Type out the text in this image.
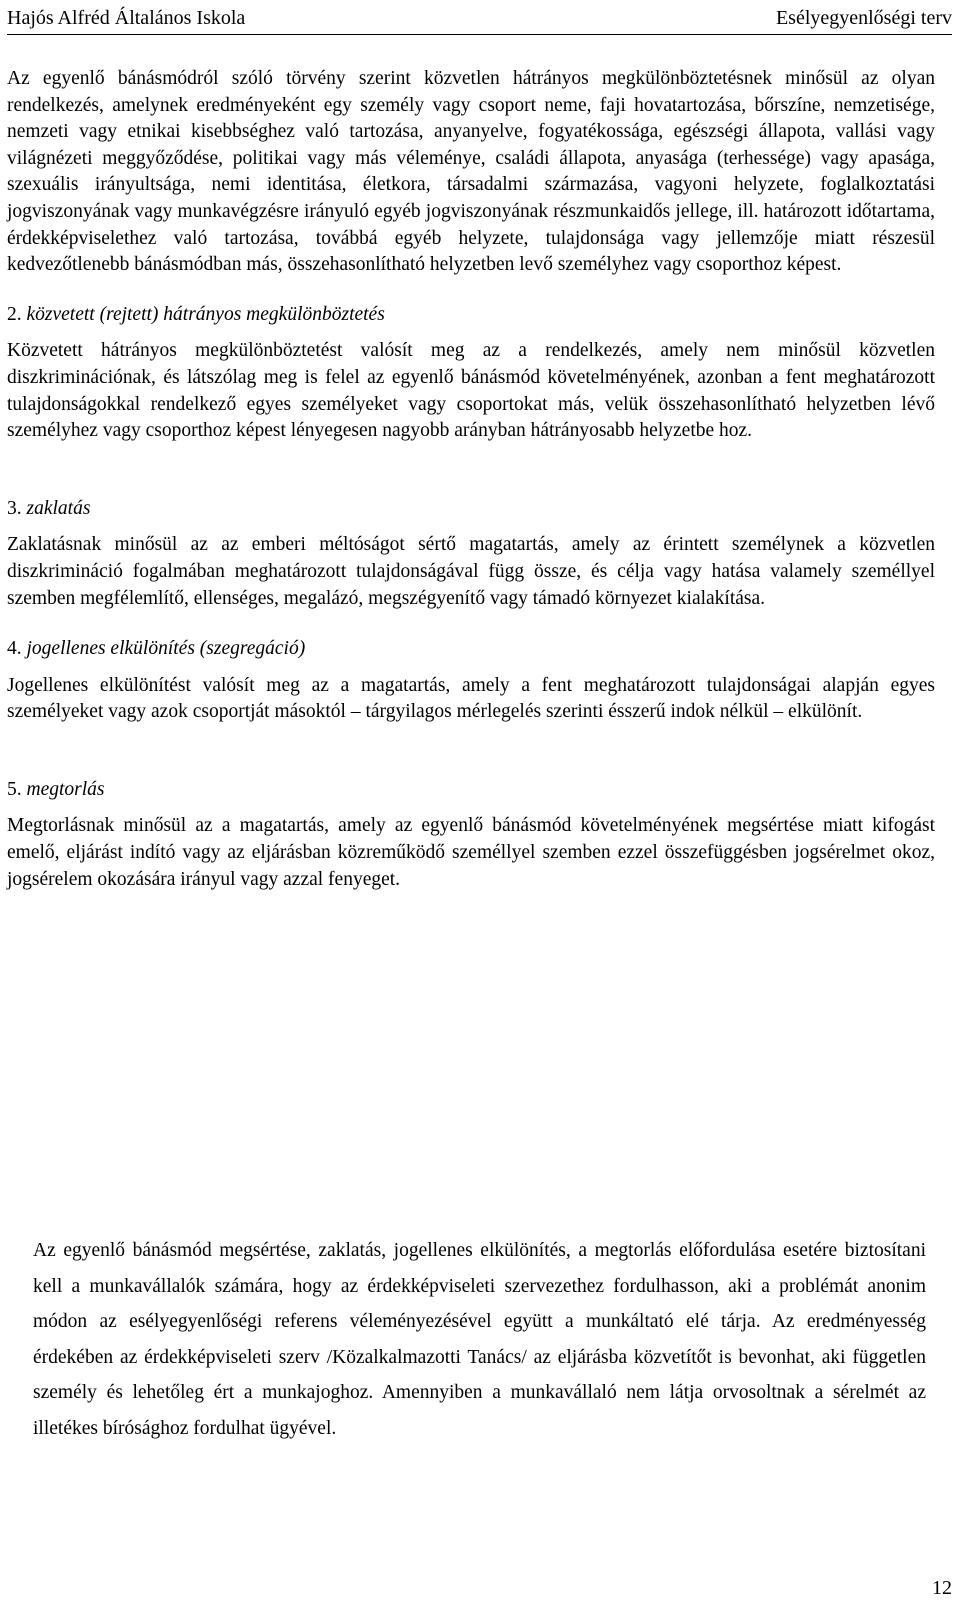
Hajós Alfréd Általános Iskola	Esélyegyenlőségi terv

Az egyenlő bánásmódról szóló törvény szerint közvetlen hátrányos megkülönböztetésnek minősül az olyan rendelkezés, amelynek eredményeként egy személy vagy csoport neme, faji hovatartozása, bőrszíne, nemzetisége, nemzeti vagy etnikai kisebbséghez való tartozása, anyanyelve, fogyatékossága, egészségi állapota, vallási vagy világnézeti meggyőződése, politikai vagy más véleménye, családi állapota, anyasága (terhessége) vagy apasága, szexuális irányultsága, nemi identitása, életkora, társadalmi származása, vagyoni helyzete, foglalkoztatási jogviszonyának vagy munkavégzésre irányuló egyéb jogviszonyának részmunkaidős jellege, ill. határozott időtartama, érdekképviselethez való tartozása, továbbá egyéb helyzete, tulajdonsága vagy jellemzője miatt részesül kedvezőtlenebb bánásmódban más, összehasonlítható helyzetben levő személyhez vagy csoporthoz képest.

2. közvetett (rejtett) hátrányos megkülönböztetés

Közvetett hátrányos megkülönböztetést valósít meg az a rendelkezés, amely nem minősül közvetlen diszkriminációnak, és látszólag meg is felel az egyenlő bánásmód követelményének, azonban a fent meghatározott tulajdonságokkal rendelkező egyes személyeket vagy csoportokat más, velük összehasonlítható helyzetben lévő személyhez vagy csoporthoz képest lényegesen nagyobb arányban hátrányosabb helyzetbe hoz.

3. zaklatás

Zaklatásnak minősül az az emberi méltóságot sértő magatartás, amely az érintett személynek a közvetlen diszkrimináció fogalmában meghatározott tulajdonságával függ össze, és célja vagy hatása valamely személlyel szemben megfélemlítő, ellenséges, megalázó, megszégyenítő vagy támadó környezet kialakítása.

4. jogellenes elkülönítés (szegregáció)

Jogellenes elkülönítést valósít meg az a magatartás, amely a fent meghatározott tulajdonságai alapján egyes személyeket vagy azok csoportját másoktól – tárgyilagos mérlegelés szerinti ésszerű indok nélkül – elkülönít.

5. megtorlás

Megtorlásnak minősül az a magatartás, amely az egyenlő bánásmód követelményének megsértése miatt kifogást emelő, eljárást indító vagy az eljárásban közreműködő személlyel szemben ezzel összefüggésben jogsérelmet okoz, jogsérelem okozására irányul vagy azzal fenyeget.

Az egyenlő bánásmód megsértése, zaklatás, jogellenes elkülönítés, a megtorlás előfordulása esetére biztosítani kell a munkavállalók számára, hogy az érdekképviseleti szervezethez fordulhasson, aki a problémát anonim módon az esélyegyenlőségi referens véleményezésével együtt a munkáltató elé tárja. Az eredményesség érdekében az érdekképviseleti szerv /Közalkalmazotti Tanács/ az eljárásba közvetítőt is bevonhat, aki független személy és lehetőleg ért a munkajoghoz. Amennyiben a munkavállaló nem látja orvosoltnak a sérelmét az illetékes bírósághoz fordulhat ügyével.

12
